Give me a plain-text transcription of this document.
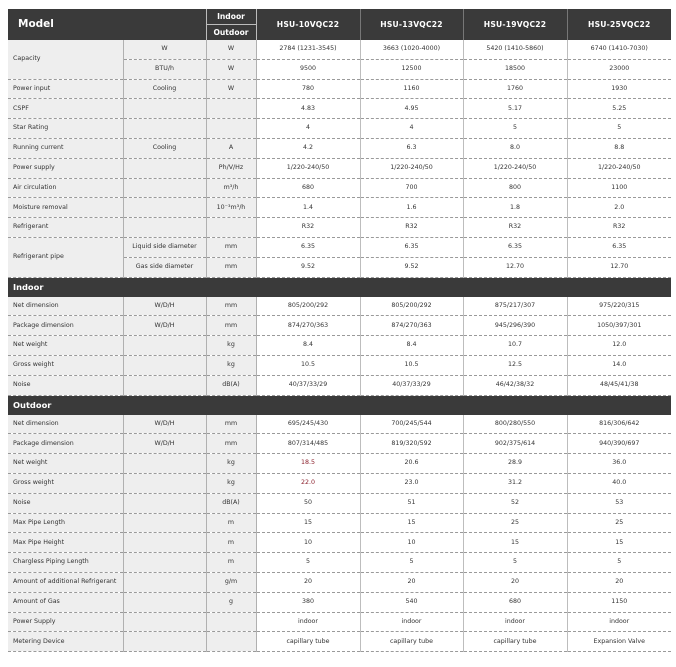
Model		Indoor	HSU-10VQC22	HSU-13VQC22	HSU-19VQC22	HSU-25VQC22
		Outdoor				
Capacity	W	W	2784 (1231-3545)	3663 (1020-4000)	5420 (1410-5860)	6740 (1410-7030)
	BTU/h	W	9500	12500	18500	23000
Power input	Cooling	W	780	1160	1760	1930
CSPF			4.83	4.95	5.17	5.25
Star Rating			4	4	5	5
Running current	Cooling	A	4.2	6.3	8.0	8.8
Power supply		Ph/V/Hz	1/220-240/50	1/220-240/50	1/220-240/50	1/220-240/50
Air circulation		m³/h	680	700	800	1100
Moisture removal		10⁻³m³/h	1.4	1.6	1.8	2.0
Refrigerant			R32	R32	R32	R32
Refrigerant pipe	Liquid side diameter	mm	6.35	6.35	6.35	6.35
	Gas side diameter	mm	9.52	9.52	12.70	12.70
Indoor						
Net dimension	W/D/H	mm	805/200/292	805/200/292	875/217/307	975/220/315
Package dimension	W/D/H	mm	874/270/363	874/270/363	945/296/390	1050/397/301
Net weight		kg	8.4	8.4	10.7	12.0
Gross weight		kg	10.5	10.5	12.5	14.0
Noise		dB(A)	40/37/33/29	40/37/33/29	46/42/38/32	48/45/41/38
Outdoor						
Net dimension	W/D/H	mm	695/245/430	700/245/544	800/280/550	816/306/642
Package dimension	W/D/H	mm	807/314/485	819/320/592	902/375/614	940/390/697
Net weight		kg	18.5	20.6	28.9	36.0
Gross weight		kg	22.0	23.0	31.2	40.0
Noise		dB(A)	50	51	52	53
Max Pipe Length		m	15	15	25	25
Max Pipe Height		m	10	10	15	15
Chargless Piping Length		m	5	5	5	5
Amount of additional Refrigerant		g/m	20	20	20	20
Amount of Gas		g	380	540	680	1150
Power Supply			indoor	indoor	indoor	indoor
Metering Device			capillary tube	capillary tube	capillary tube	Expansion Valve
